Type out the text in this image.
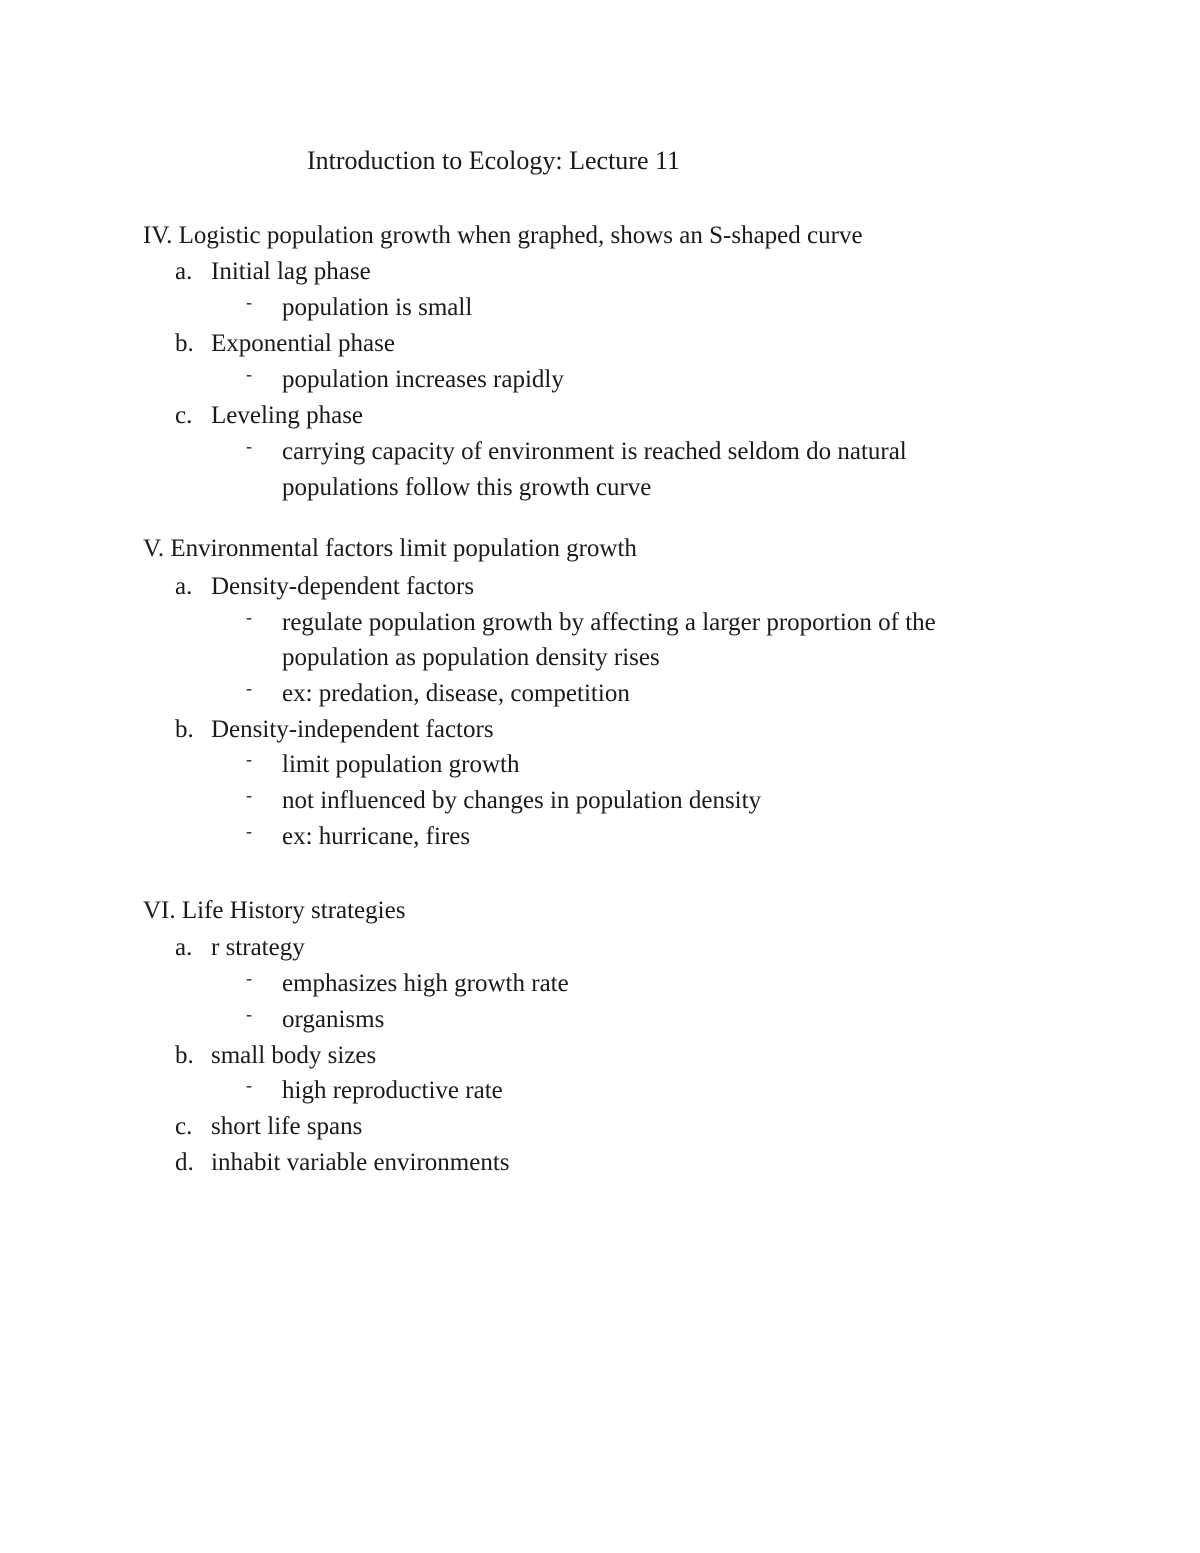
Introduction to Ecology: Lecture 11
IV. Logistic population growth when graphed, shows an S-shaped curve
a. Initial lag phase
-	population is small
b. Exponential phase
-	population increases rapidly
c. Leveling phase
-	carrying capacity of environment is reached seldom do natural
populations follow this growth curve
V. Environmental factors limit population growth
a. Density-dependent factors
-	regulate population growth by affecting a larger proportion of the
population as population density rises
-	ex: predation, disease, competition
b. Density-independent factors
-	limit population growth
-	not influenced by changes in population density
-	ex: hurricane, fires
VI. Life History strategies
a. r strategy
-	emphasizes high growth rate
-	organisms
b. small body sizes
-	high reproductive rate
c. short life spans
d. inhabit variable environments
